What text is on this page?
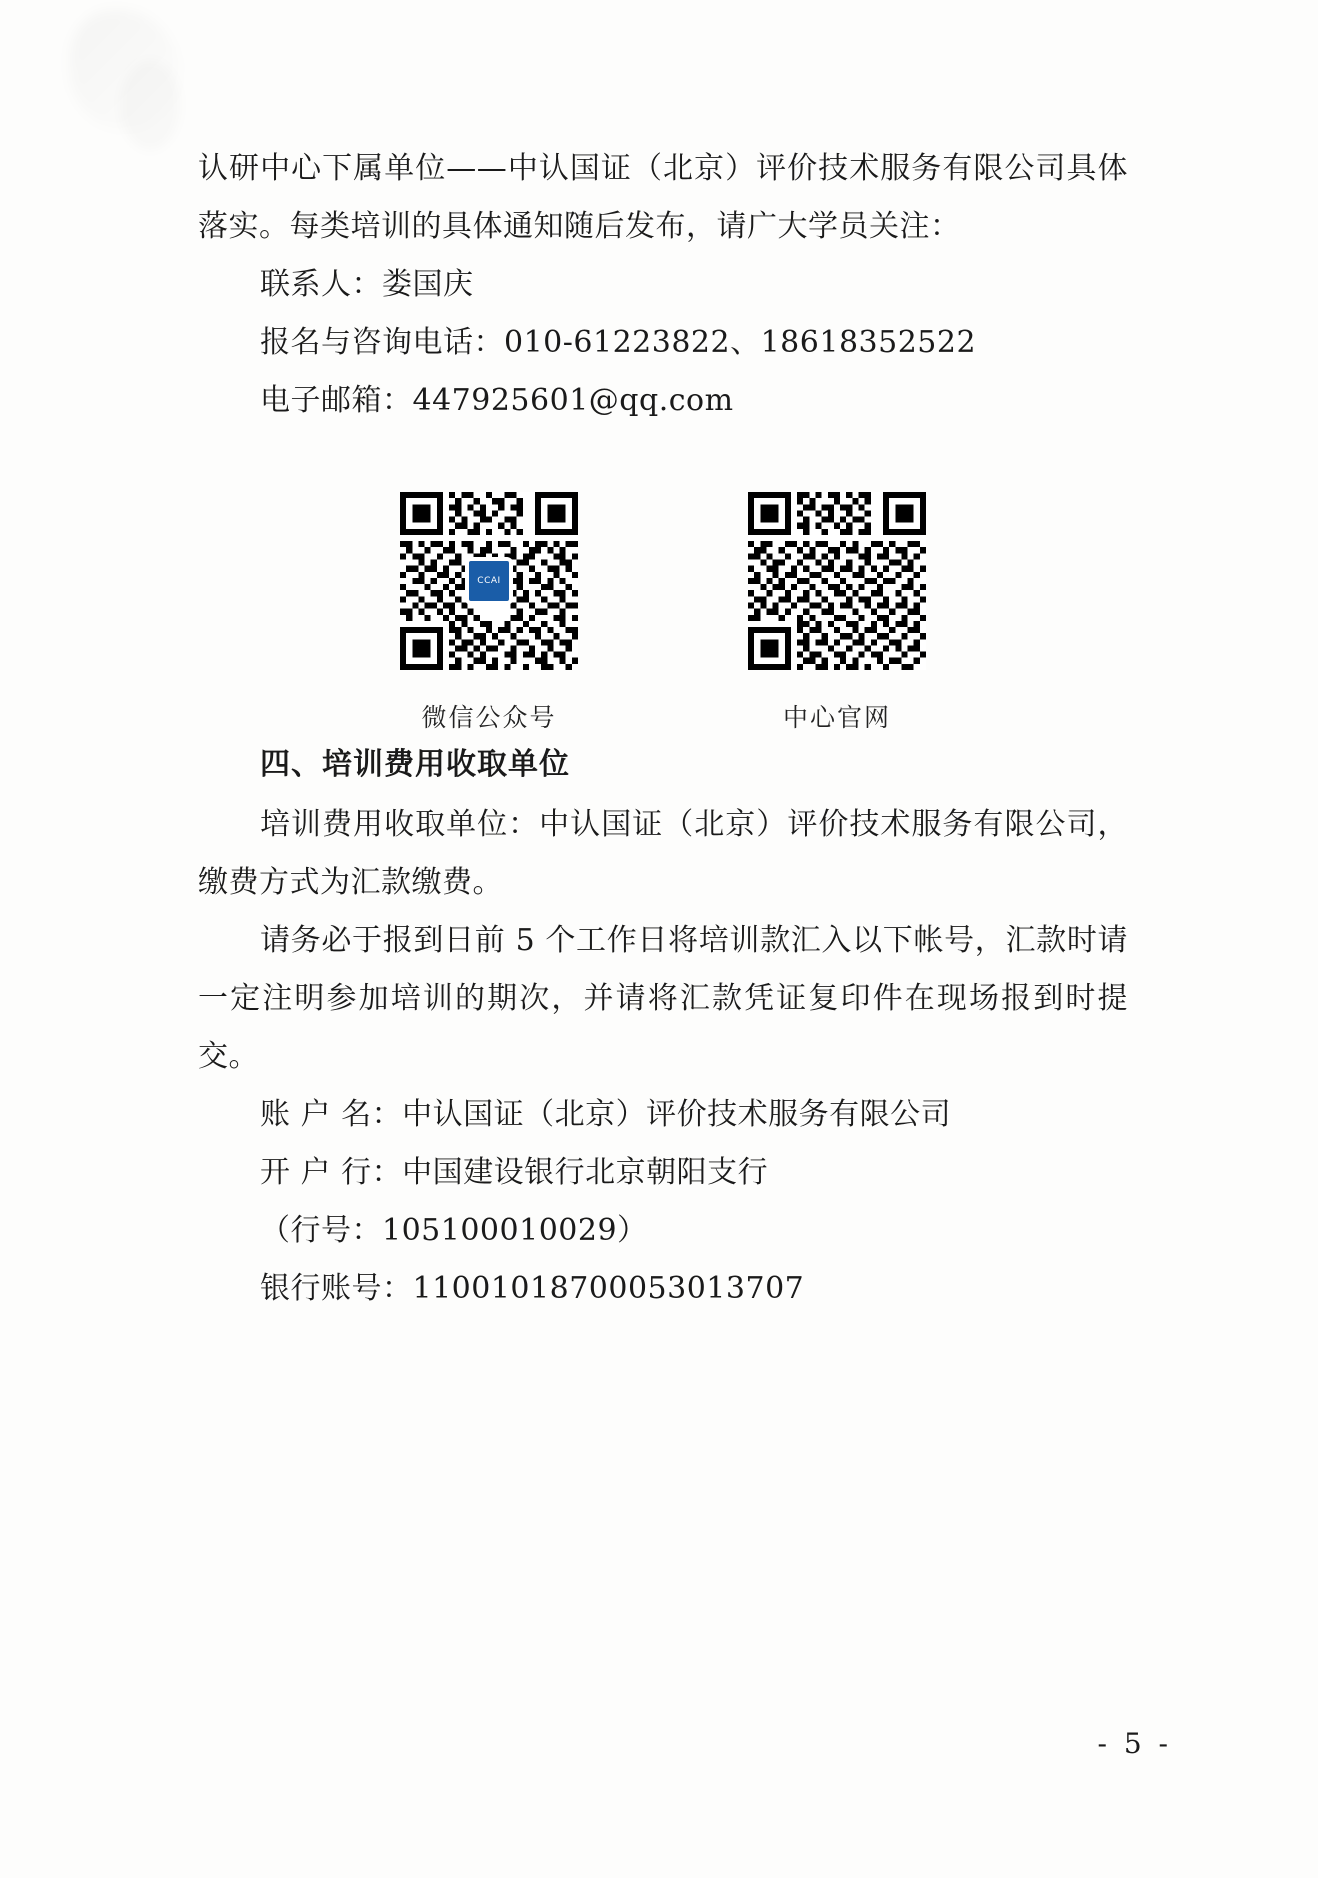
认研中心下属单位——中认国证（北京）评价技术服务有限公司具体落实。每类培训的具体通知随后发布，请广大学员关注：

联系人：娄国庆

报名与咨询电话：010-61223822、18618352522

电子邮箱：447925601@qq.com

CCAI
微信公众号	中心官网
四、培训费用收取单位

培训费用收取单位：中认国证（北京）评价技术服务有限公司，缴费方式为汇款缴费。

请务必于报到日前 5 个工作日将培训款汇入以下帐号，汇款时请一定注明参加培训的期次，并请将汇款凭证复印件在现场报到时提交。

账 户 名：中认国证（北京）评价技术服务有限公司

开 户 行：中国建设银行北京朝阳支行

（行号：105100010029）

银行账号：11001018700053013707

- 5 -
